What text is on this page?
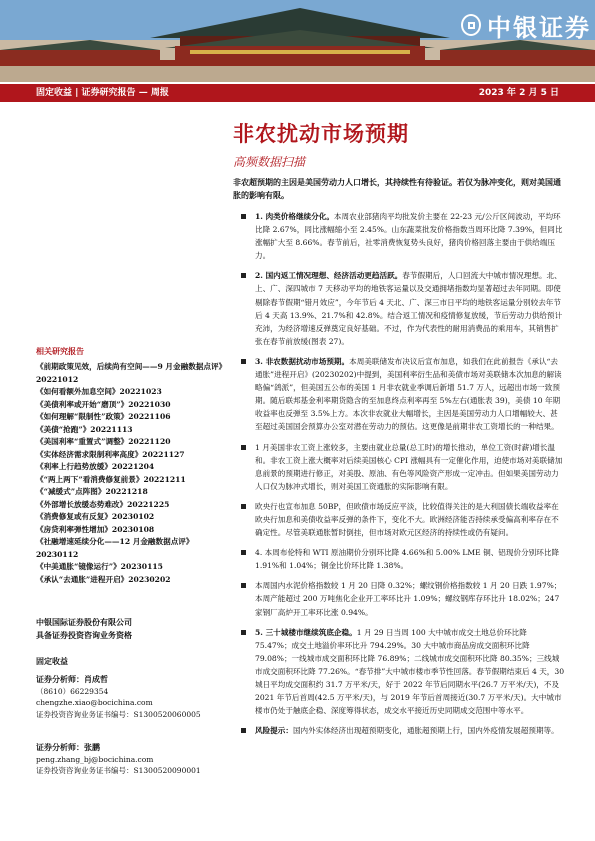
中银证券
固定收益 | 证券研究报告 — 周报	2023 年 2 月 5 日
非农扰动市场预期
高频数据扫描
非农超预期的主因是美国劳动力人口增长，其持续性有待验证。若仅为脉冲变化，则对美国通胀的影响有限。
1. 肉类价格继续分化。本周农业部猪肉平均批发价主要在 22-23 元/公斤区间波动，平均环比降 2.67%，同比涨幅缩小至 2.45%。山东蔬菜批发价格指数当周环比降 7.39%，但同比涨幅扩大至 8.66%。春节前后，社零消费恢复势头良好，猪肉价格回落主要由于供给端压力。
2. 国内返工情况理想、经济活动更趋活跃。春节假期后，人口回流大中城市情况理想。北、上、广、深四城市 7 天移动平均的地铁客运量以及交通拥堵指数均显著超过去年同期。即使剔除春节假期“错月效应”，今年节后 4 天北、广、深三市日平均的地铁客运量分别较去年节后 4 天高 13.9%、21.7%和 42.8%。结合返工情况和疫情修复放缓，节后劳动力供给预计充沛，为经济增速反弹奠定良好基础。不过，作为代表性的耐用消费品的乘用车，其销售扩张在春节前放缓(图表 27)。
3. 非农数据扰动市场预期。本周美联储发布决议后宣布加息，如我们在此前报告《承认“去通胀”进程开启》(20230202)中提到，美国利率衍生品和美债市场对美联储本次加息的解读略偏“鸽派”，但美国五公布的美国 1 月非农就业季调后新增 51.7 万人，远超出市场一致预期。随后联邦基金利率期货隐含的至加息终点利率再至 5%左右(通胀表 39)，美债 10 年期收益率也反弹至 3.5%上方。本次非农就业大幅增长，主因是美国劳动力人口增幅较大、甚至超过美国国会预算办公室对潜在劳动力的预估。这更像是前期非农工资增长的一种结果。
1 月美国非农工资上涨较多，主要由就业总量(总工时)的增长推动，单位工资(时薪)增长温和。非农工资上涨大概率对后续美国核心 CPI 涨幅具有一定催化作用，迫使市场对美联储加息前景的预期进行修正，对美股、原油、有色等风险资产形成一定冲击。但如果美国劳动力人口仅为脉冲式增长，则对美国工资通胀的实际影响有限。
欧央行也宣布加息 50BP，但欧债市场反应平淡，比较值得关注的是大利国债长端收益率在欧央行加息和美债收益率反弹的条件下，变化不大。欧洲经济能否持续承受偏高利率存在不确定性。尽管美联通胀暂时倒挂，但市场对欧元区经济的持续性或仍有疑问。
4. 本周布伦特和 WTI 原油期价分别环比降 4.66%和 5.00% LME 铜、铝现价分别环比降 1.91%和 1.04%；铜金比价环比降 1.38%。
本周国内水泥价格指数较 1 月 20 日降 0.32%；螺纹钢价格指数较 1 月 20 日跌 1.97%；本周产能超过 200 万吨焦化企业开工率环比升 1.09%；螺纹钢库存环比升 18.02%；247 家钢厂高炉开工率环比涨 0.94%。
5. 三十城楼市继续筑底企稳。1 月 29 日当周 100 大中城市成交土地总价环比降 75.47%；成交土地溢价率环比升 794.29%。30 大中城市商品房成交面积环比降 79.08%；一线城市成交面积环比降 76.89%；二线城市成交面积环比降 80.35%；三线城市成交面积环比降 77.26%。“春节排”大中城市楼市季节性回落。春节假期结束后 4 天，30 城日平均成交面积约 31.7 万平米/天，好于 2022 年节后同期水平(26.7 万平米/天)，不及 2021 年节后首周(42.5 万平米/天)，与 2019 年节后首周接近(30.7 万平米/天)。大中城市楼市仍处于触底企稳、深度筹得状态，成交水平接近历史同期成交范围中等水平。
风险提示：国内外实体经济出现超预期变化，通胀超预期上行，国内外疫情发展超预期等。
相关研究报告
《前期政策见效，后续尚有空间——9 月金融数据点评》20221012
《如何看额外加息空间》20221023
《美债利率或开始“磨顶”》20221030
《如何理解“限制性”政策》20221106
《美债“抢跑”》20221113
《美国利率“重置式”调整》20221120
《实体经济需求限制利率高度》20221127
《利率上行趋势放缓》20221204
《“两上两下”看消费修复前景》20221211
《“减缓式”点阵图》20221218
《外部增长放缓态势难改》20221225
《消费修复或有反复》20230102
《房贷利率弹性增加》20230108
《社融增速延续分化——12 月金融数据点评》20230112
《中美通胀“镜像运行”》20230115
《承认“去通胀”进程开启》20230202
中银国际证券股份有限公司
具备证券投资咨询业务资格
固定收益
证券分析师：肖成哲
（8610）66229354
chengzhe.xiao@bocichina.com
证券投资咨询业务证书编号：S1300520060005
证券分析师：张鹏
peng.zhang_bj@bocichina.com
证券投资咨询业务证书编号：S1300520090001
